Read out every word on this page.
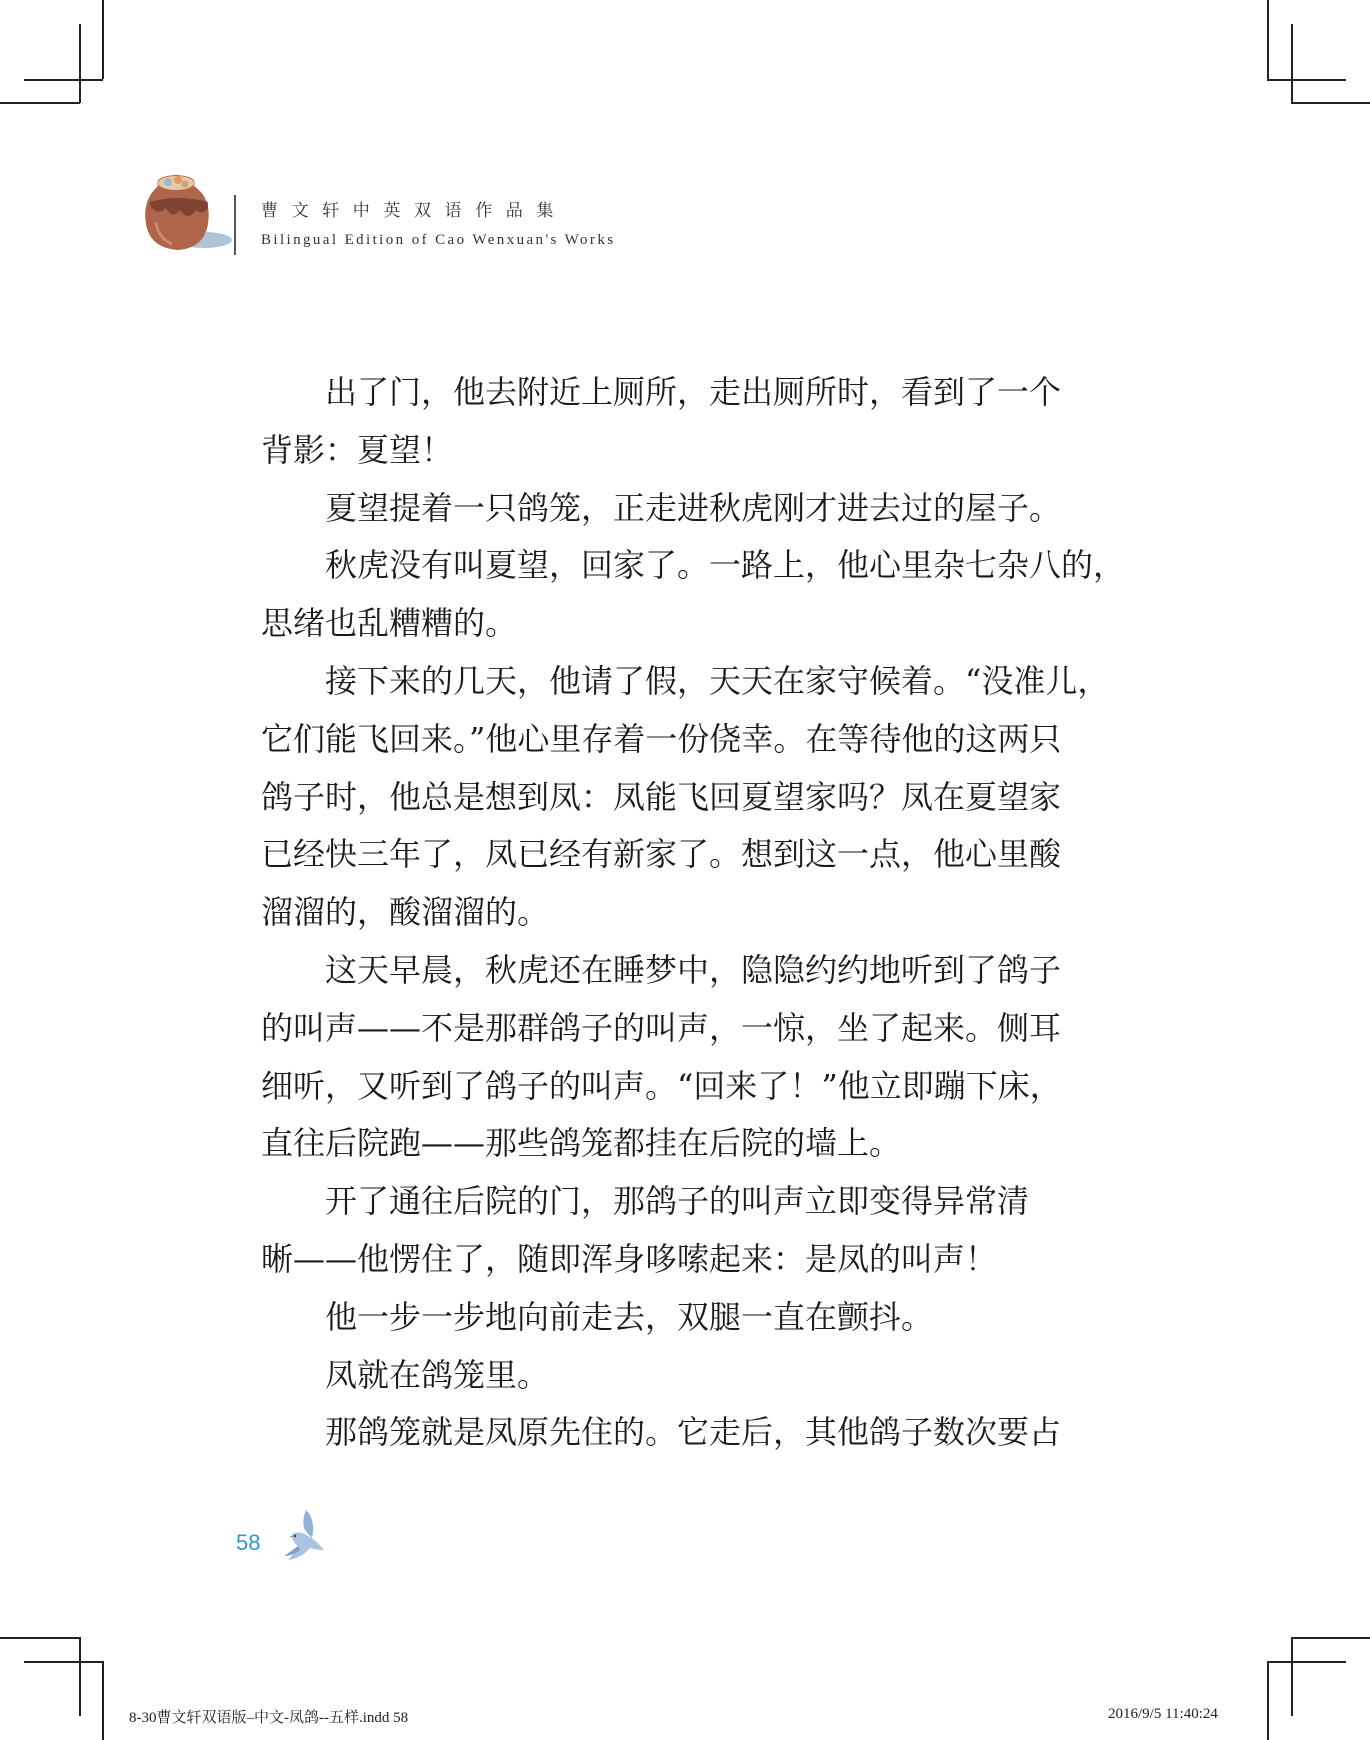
曹文轩中英双语作品集
Bilingual Edition of Cao Wenxuan's Works
出了门，他去附近上厕所，走出厕所时，看到了一个
背影：夏望！
夏望提着一只鸽笼，正走进秋虎刚才进去过的屋子。
秋虎没有叫夏望，回家了。一路上，他心里杂七杂八的，
思绪也乱糟糟的。
接下来的几天，他请了假，天天在家守候着。“没准儿，
它们能飞回来。”他心里存着一份侥幸。在等待他的这两只
鸽子时，他总是想到凤：凤能飞回夏望家吗？凤在夏望家
已经快三年了，凤已经有新家了。想到这一点，他心里酸
溜溜的，酸溜溜的。
这天早晨，秋虎还在睡梦中，隐隐约约地听到了鸽子
的叫声——不是那群鸽子的叫声，一惊，坐了起来。侧耳
细听，又听到了鸽子的叫声。“回来了！”他立即蹦下床，
直往后院跑——那些鸽笼都挂在后院的墙上。
开了通往后院的门，那鸽子的叫声立即变得异常清
晰——他愣住了，随即浑身哆嗦起来：是凤的叫声！
他一步一步地向前走去，双腿一直在颤抖。
凤就在鸽笼里。
那鸽笼就是凤原先住的。它走后，其他鸽子数次要占
58
8-30曹文轩双语版–中文-凤鸽--五样.indd 58	2016/9/5 11:40:24
